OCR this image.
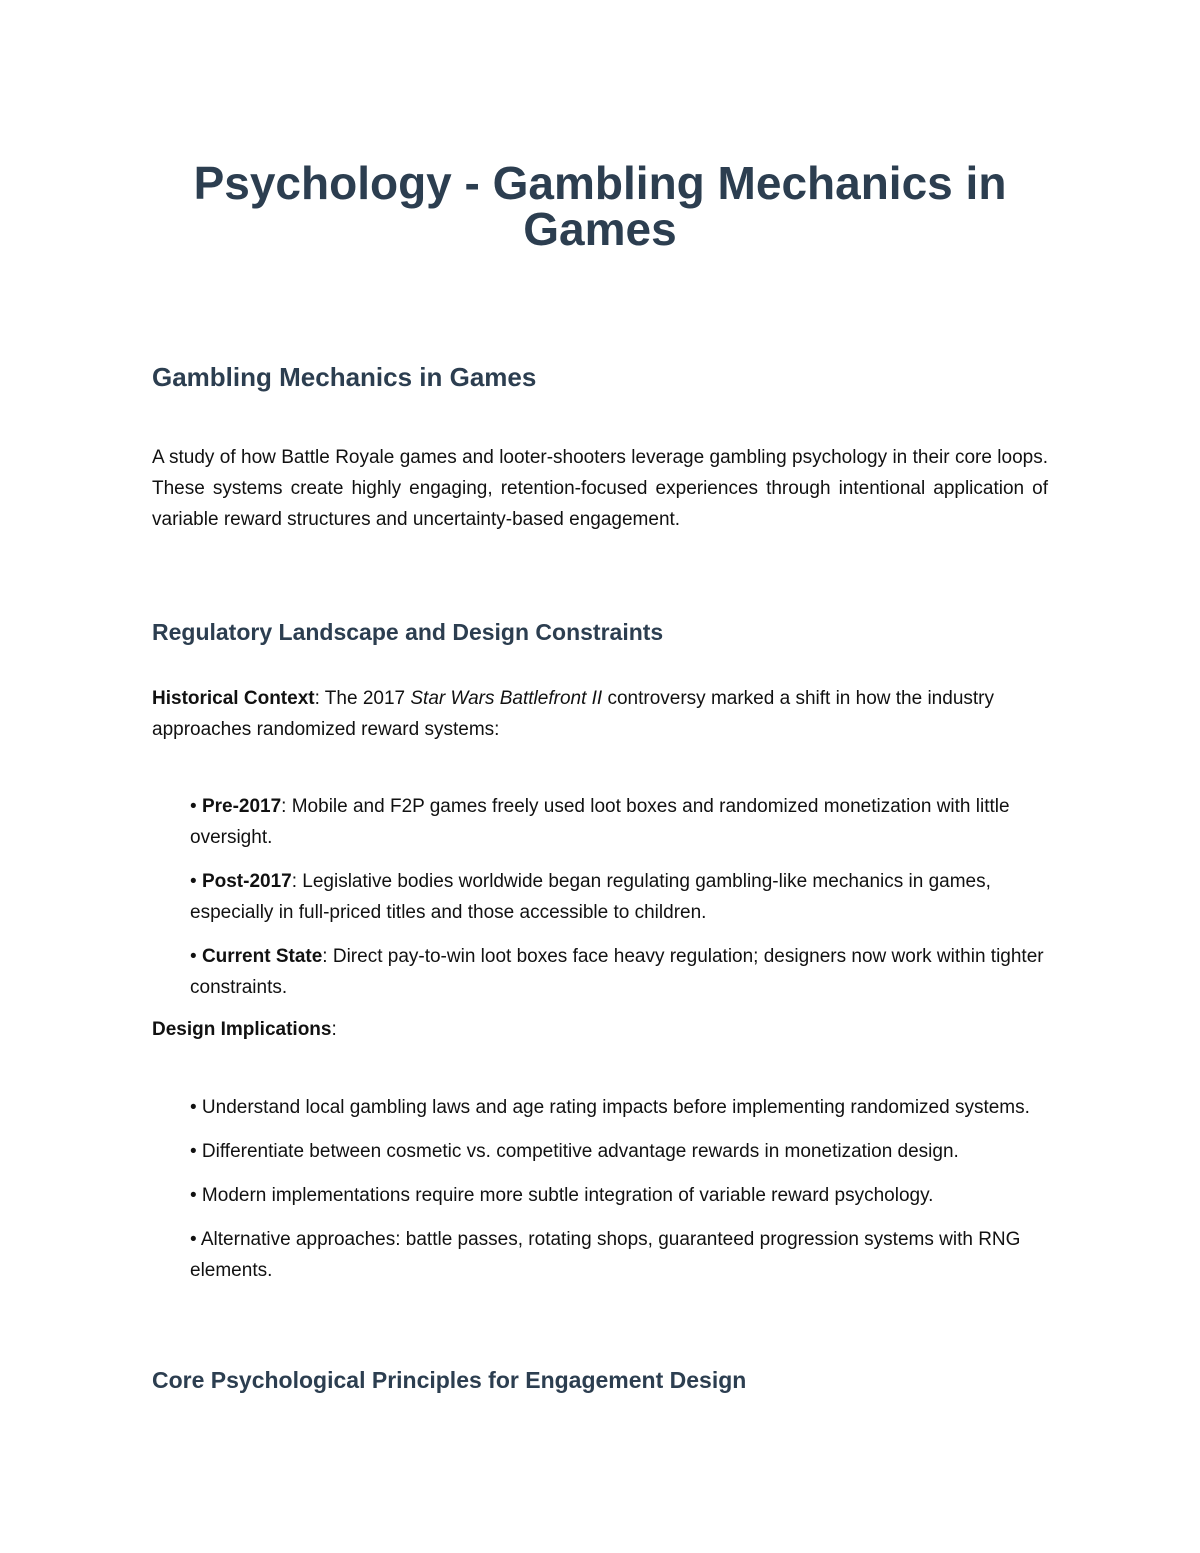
Psychology - Gambling Mechanics in Games
Gambling Mechanics in Games

A study of how Battle Royale games and looter-shooters leverage gambling psychology in their core loops. These systems create highly engaging, retention-focused experiences through intentional application of variable reward structures and uncertainty-based engagement.

Regulatory Landscape and Design Constraints

Historical Context: The 2017 Star Wars Battlefront II controversy marked a shift in how the industry approaches randomized reward systems:

• Pre-2017: Mobile and F2P games freely used loot boxes and randomized monetization with little oversight.
• Post-2017: Legislative bodies worldwide began regulating gambling-like mechanics in games, especially in full-priced titles and those accessible to children.
• Current State: Direct pay-to-win loot boxes face heavy regulation; designers now work within tighter constraints.

Design Implications:

• Understand local gambling laws and age rating impacts before implementing randomized systems.
• Differentiate between cosmetic vs. competitive advantage rewards in monetization design.
• Modern implementations require more subtle integration of variable reward psychology.
• Alternative approaches: battle passes, rotating shops, guaranteed progression systems with RNG elements.
Core Psychological Principles for Engagement Design
